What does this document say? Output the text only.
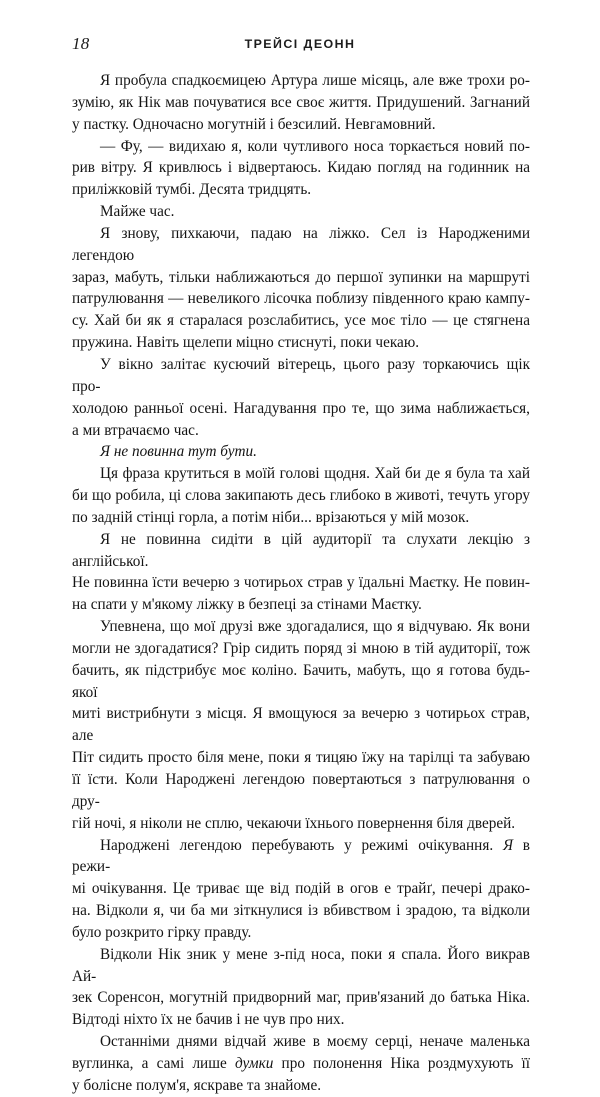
18	ТРЕЙСІ ДЕОНН

Я пробула спадкоємицею Артура лише місяць, але вже трохи ро-
зумію, як Нік мав почуватися все своє життя. Придушений. Загнаний
у пастку. Одночасно могутній і безсилий. Невгамовний.

— Фу, — видихаю я, коли чутливого носа торкається новий по-
рив вітру. Я кривлюсь і відвертаюсь. Кидаю погляд на годинник на
приліжковій тумбі. Десята тридцять.

Майже час.

Я знову, пихкаючи, падаю на ліжко. Сел із Народженими легендою
зараз, мабуть, тільки наближаються до першої зупинки на маршруті
патрулювання — невеликого лісочка поблизу південного краю кампу-
су. Хай би як я старалася розслабитись, усе моє тіло — це стягнена
пружина. Навіть щелепи міцно стиснуті, поки чекаю.

У вікно залітає кусючий вітерець, цього разу торкаючись щік про-
холодою ранньої осені. Нагадування про те, що зима наближається,
а ми втрачаємо час.

Я не повинна тут бути.

Ця фраза крутиться в моїй голові щодня. Хай би де я була та хай
би що робила, ці слова закипають десь глибоко в животі, течуть угору
по задній стінці горла, а потім ніби... врізаються у мій мозок.

Я не повинна сидіти в цій аудиторії та слухати лекцію з англійської.
Не повинна їсти вечерю з чотирьох страв у їдальні Маєтку. Не повин-
на спати у м'якому ліжку в безпеці за стінами Маєтку.

Упевнена, що мої друзі вже здогадалися, що я відчуваю. Як вони
могли не здогадатися? Грір сидить поряд зі мною в тій аудиторії, тож
бачить, як підстрибує моє коліно. Бачить, мабуть, що я готова будь-якої
миті вистрибнути з місця. Я вмощуюся за вечерю з чотирьох страв, але
Піт сидить просто біля мене, поки я тицяю їжу на тарілці та забуваю
її їсти. Коли Народжені легендою повертаються з патрулювання о дру-
гій ночі, я ніколи не сплю, чекаючи їхнього повернення біля дверей.

Народжені легендою перебувають у режимі очікування. Я в режи-
мі очікування. Це триває ще від подій в огов е трайґ, печері драко-
на. Відколи я, чи ба ми зіткнулися із вбивством і зрадою, та відколи
було розкрито гірку правду.

Відколи Нік зник у мене з-під носа, поки я спала. Його викрав Ай-
зек Соренсон, могутній придворний маг, прив'язаний до батька Ніка.
Відтоді ніхто їх не бачив і не чув про них.

Останніми днями відчай живе в моєму серці, неначе маленька
вуглинка, а самі лише думки про полонення Ніка роздмухують її
у болісне полум'я, яскраве та знайоме.
